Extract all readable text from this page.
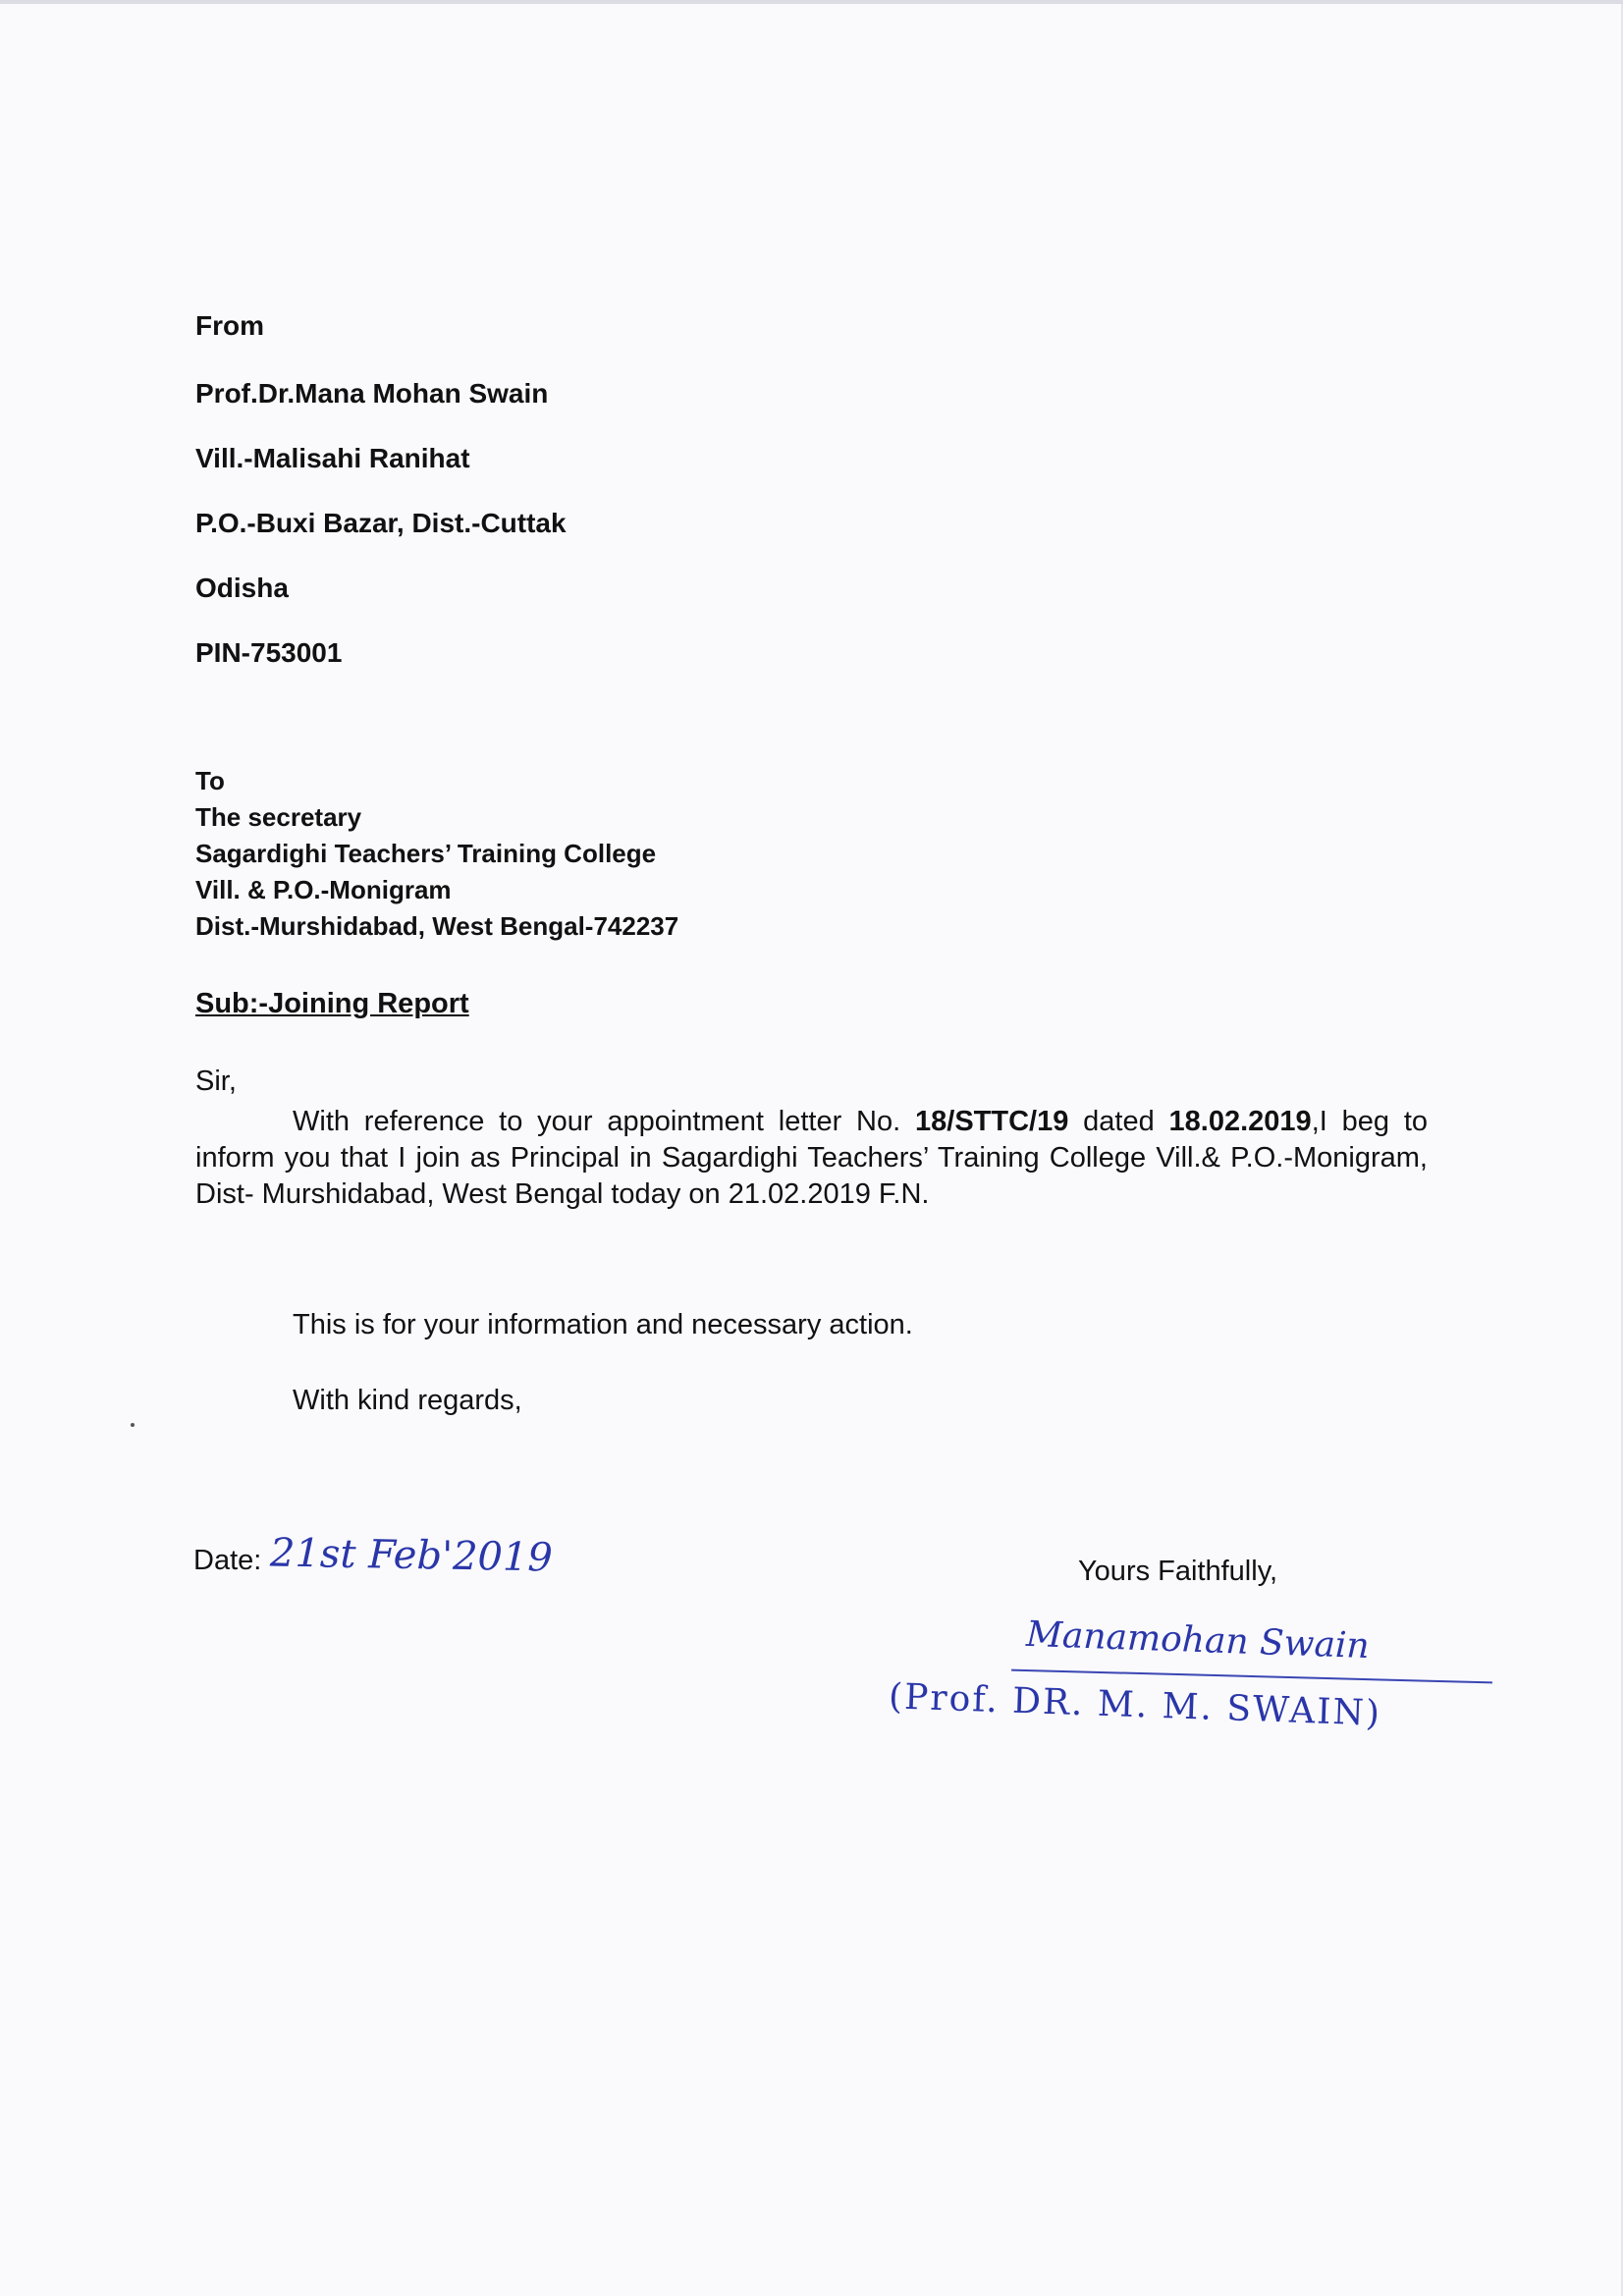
From
Prof.Dr.Mana Mohan Swain
Vill.-Malisahi Ranihat
P.O.-Buxi Bazar, Dist.-Cuttak
Odisha
PIN-753001
To
The secretary
Sagardighi Teachers’ Training College
Vill. & P.O.-Monigram
Dist.-Murshidabad, West Bengal-742237
Sub:-Joining Report
Sir,
With reference to your appointment letter No. 18/STTC/19 dated 18.02.2019,I beg to inform you that I join as Principal in Sagardighi Teachers’ Training College Vill.& P.O.-Monigram, Dist- Murshidabad, West Bengal today on 21.02.2019 F.N.
This is for your information and necessary action.
With kind regards,
Date: 21st Feb'2019	Yours Faithfully,
Manamohan Swain
(Prof. DR. M. M. SWAIN)
